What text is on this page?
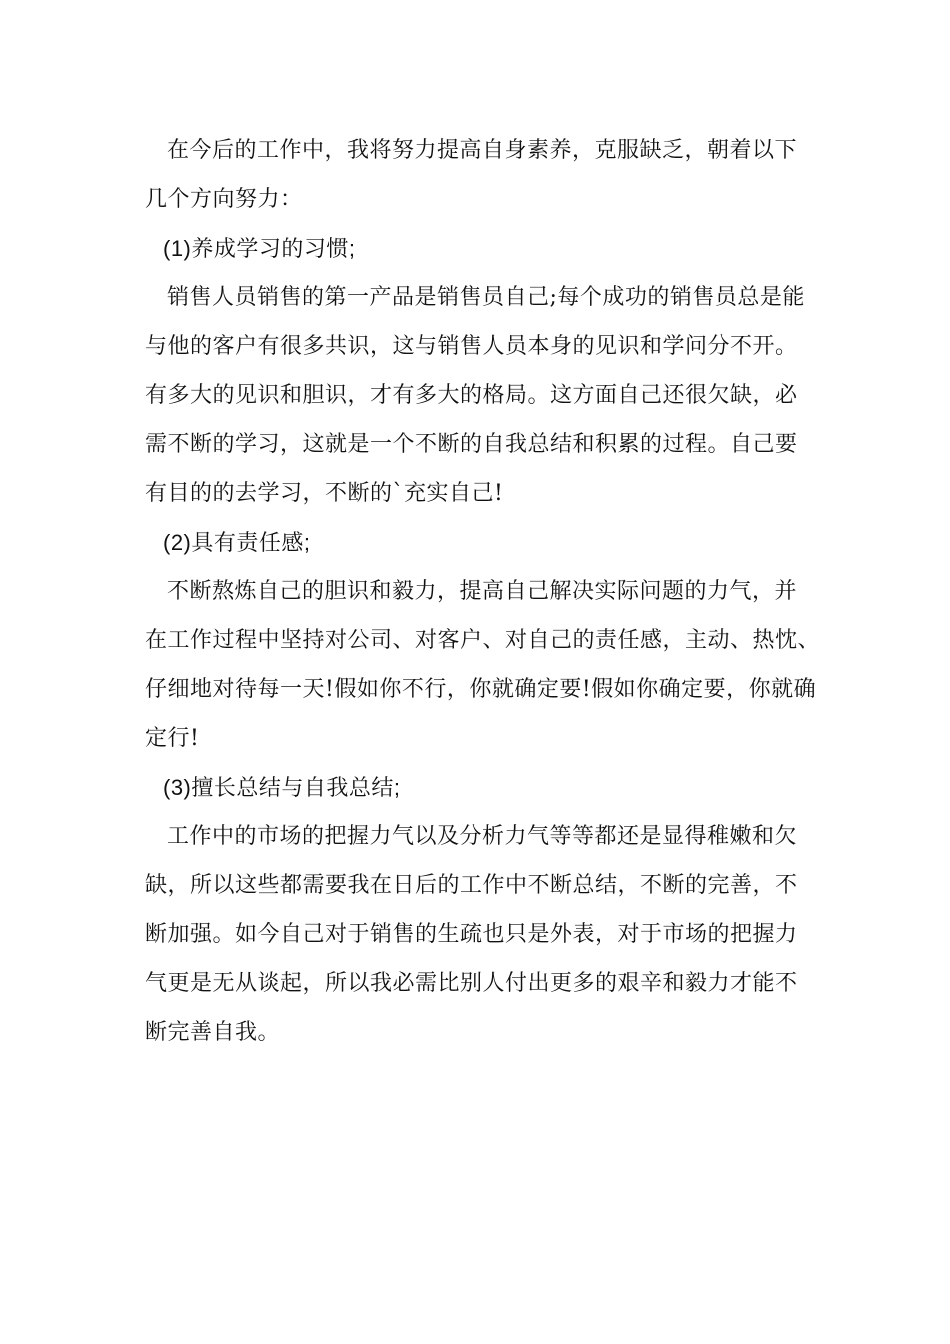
在今后的工作中，我将努力提高自身素养，克服缺乏，朝着以下
几个方向努力：
(1)养成学习的习惯;
销售人员销售的第一产品是销售员自己;每个成功的销售员总是能
与他的客户有很多共识，这与销售人员本身的见识和学问分不开。
有多大的见识和胆识，才有多大的格局。这方面自己还很欠缺，必
需不断的学习，这就是一个不断的自我总结和积累的过程。自己要
有目的的去学习，不断的`充实自己!
(2)具有责任感;
不断熬炼自己的胆识和毅力，提高自己解决实际问题的力气，并
在工作过程中坚持对公司、对客户、对自己的责任感，主动、热忱、
仔细地对待每一天!假如你不行，你就确定要!假如你确定要，你就确
定行!
(3)擅长总结与自我总结;
工作中的市场的把握力气以及分析力气等等都还是显得稚嫩和欠
缺，所以这些都需要我在日后的工作中不断总结，不断的完善，不
断加强。如今自己对于销售的生疏也只是外表，对于市场的把握力
气更是无从谈起，所以我必需比别人付出更多的艰辛和毅力才能不
断完善自我。
